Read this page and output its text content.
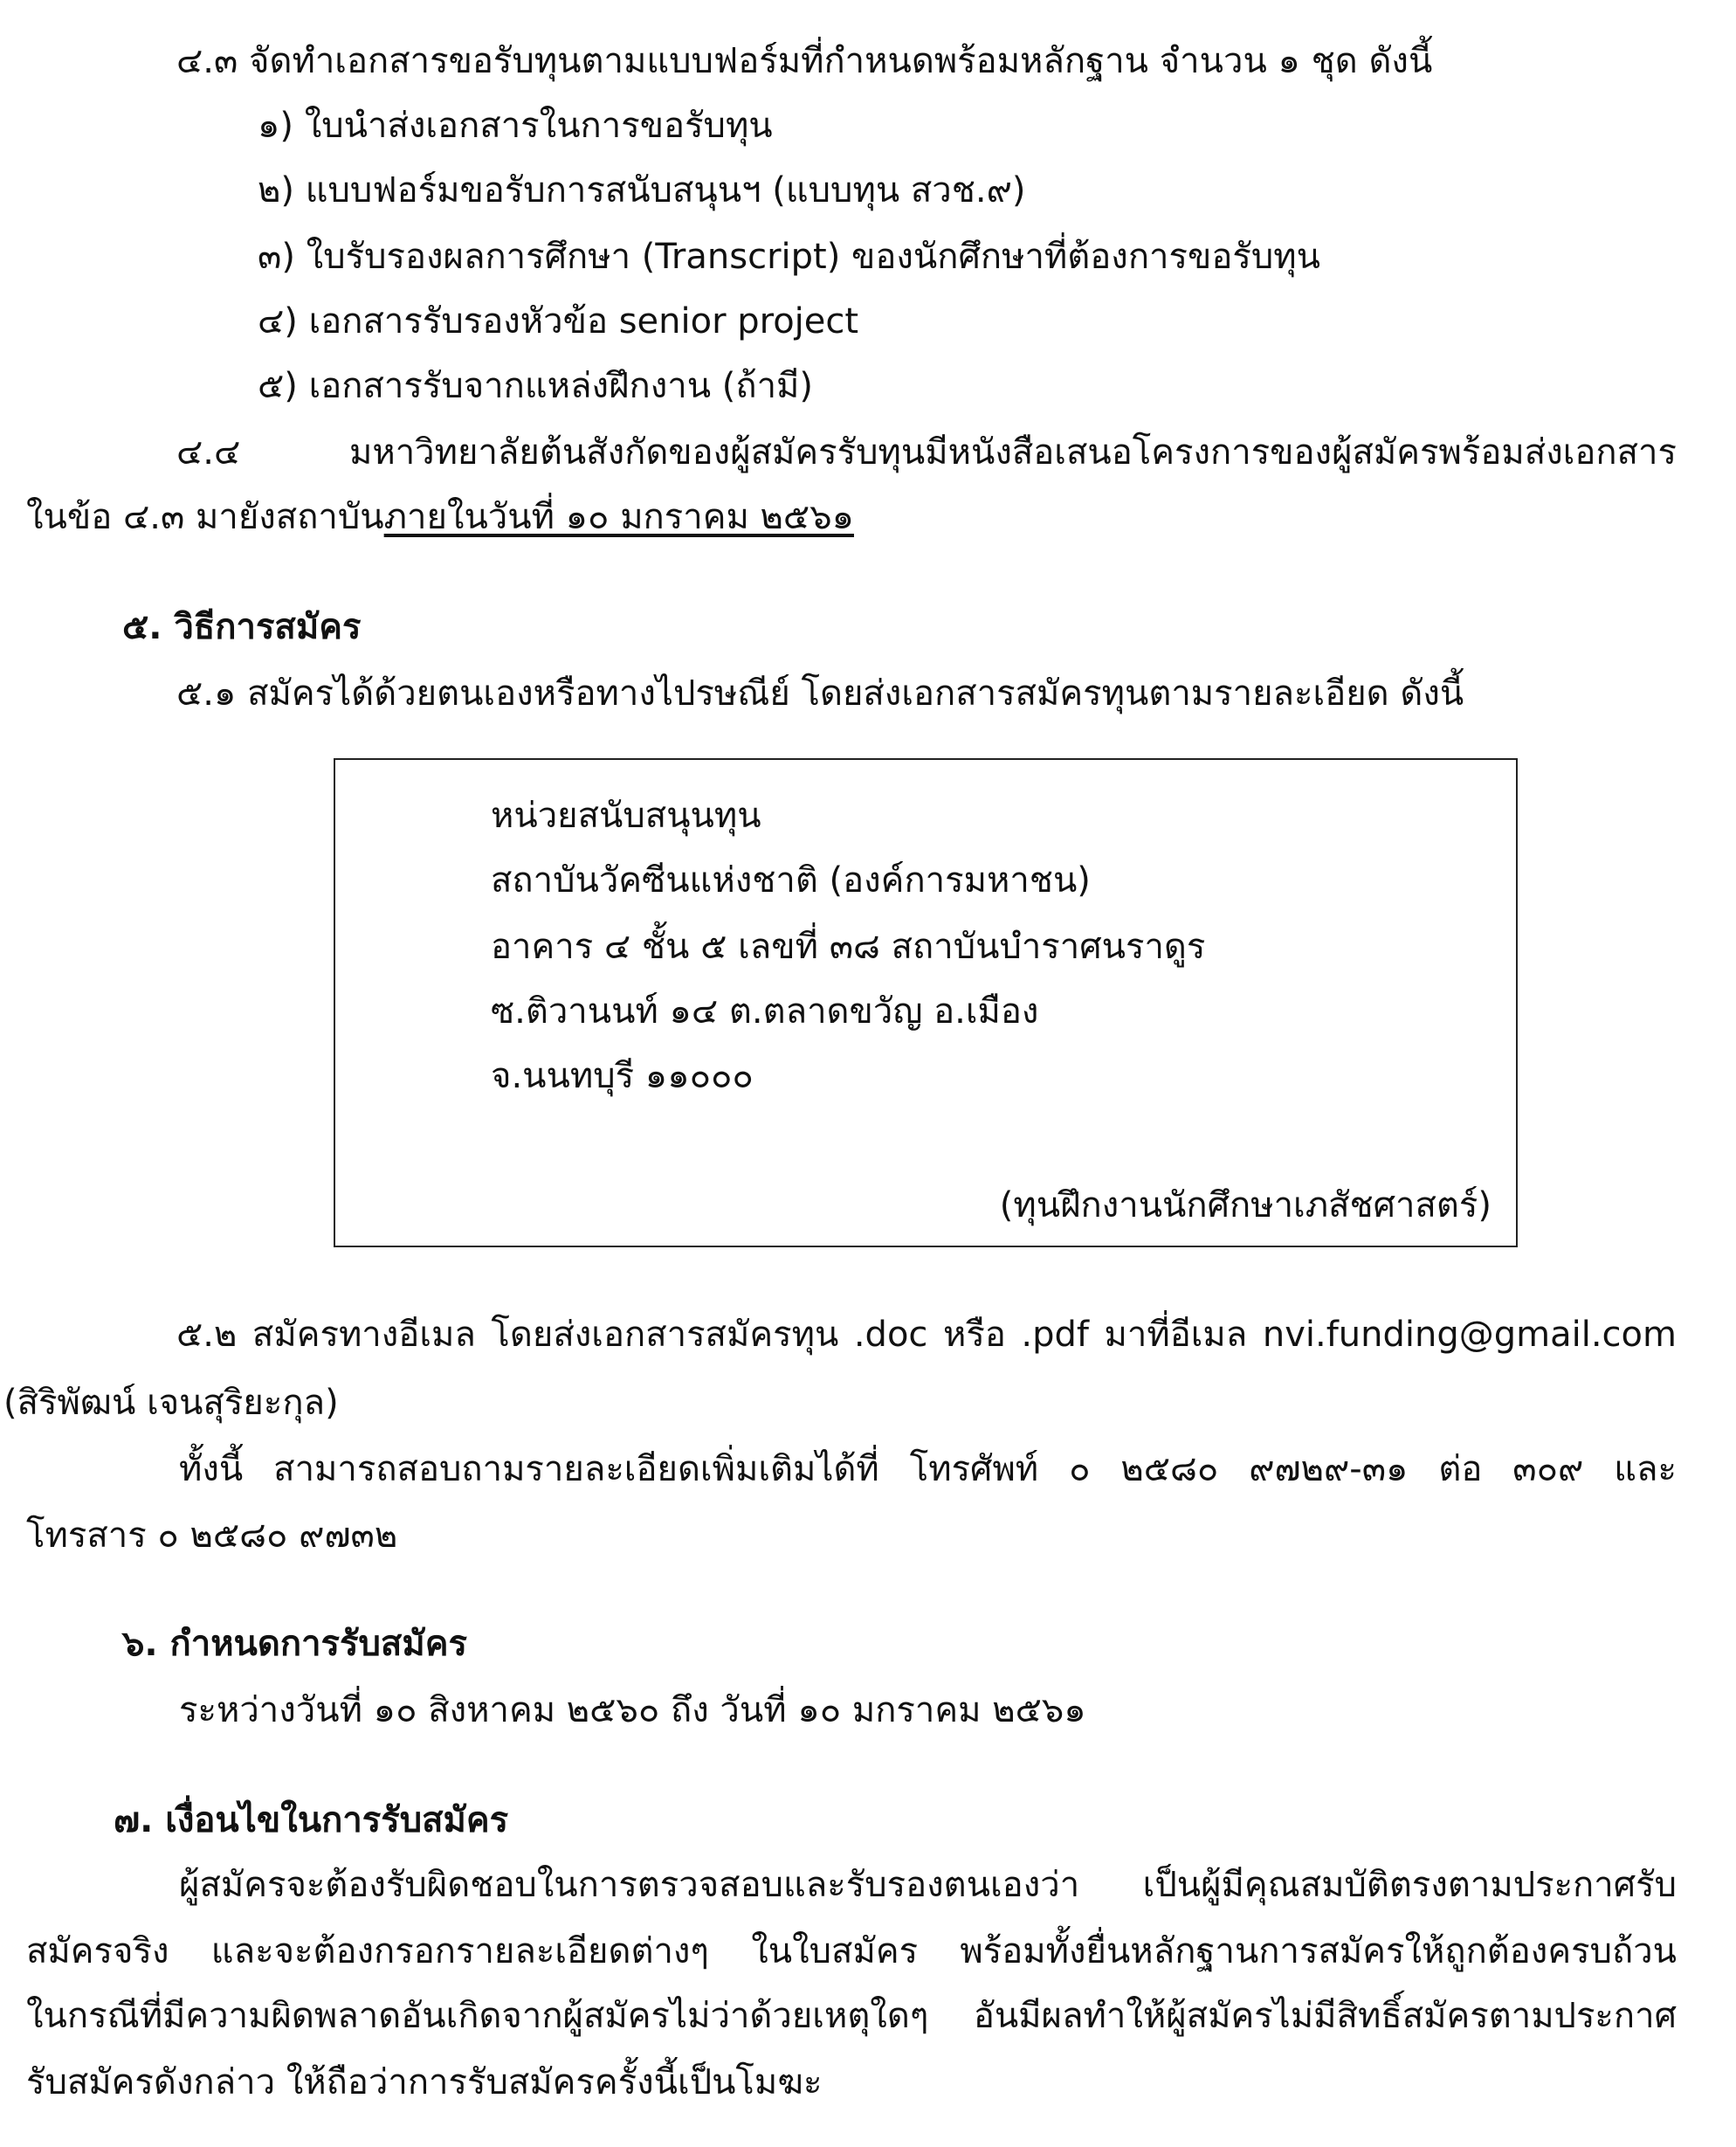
๔.๓ จัดทำเอกสารขอรับทุนตามแบบฟอร์มที่กำหนดพร้อมหลักฐาน จำนวน ๑ ชุด ดังนี้
๑) ใบนำส่งเอกสารในการขอรับทุน
๒) แบบฟอร์มขอรับการสนับสนุนฯ (แบบทุน สวช.๙)
๓) ใบรับรองผลการศึกษา (Transcript) ของนักศึกษาที่ต้องการขอรับทุน
๔) เอกสารรับรองหัวข้อ senior project
๕) เอกสารรับจากแหล่งฝึกงาน (ถ้ามี)
๔.๔ มหาวิทยาลัยต้นสังกัดของผู้สมัครรับทุนมีหนังสือเสนอโครงการของผู้สมัครพร้อมส่งเอกสาร
ในข้อ ๔.๓ มายังสถาบันภายในวันที่ ๑๐ มกราคม ๒๕๖๑
๕. วิธีการสมัคร
๕.๑ สมัครได้ด้วยตนเองหรือทางไปรษณีย์ โดยส่งเอกสารสมัครทุนตามรายละเอียด ดังนี้
หน่วยสนับสนุนทุน
สถาบันวัคซีนแห่งชาติ (องค์การมหาชน)
อาคาร ๔ ชั้น ๕ เลขที่ ๓๘ สถาบันบำราศนราดูร
ซ.ติวานนท์ ๑๔ ต.ตลาดขวัญ อ.เมือง
จ.นนทบุรี ๑๑๐๐๐
(ทุนฝึกงานนักศึกษาเภสัชศาสตร์)
๕.๒ สมัครทางอีเมล โดยส่งเอกสารสมัครทุน .doc หรือ .pdf มาที่อีเมล nvi.funding@gmail.com
(สิริพัฒน์ เจนสุริยะกุล)
ทั้งนี้ สามารถสอบถามรายละเอียดเพิ่มเติมได้ที่ โทรศัพท์ ๐ ๒๕๘๐ ๙๗๒๙-๓๑ ต่อ ๓๐๙ และ
โทรสาร ๐ ๒๕๘๐ ๙๗๓๒
๖. กำหนดการรับสมัคร
ระหว่างวันที่ ๑๐ สิงหาคม ๒๕๖๐ ถึง วันที่ ๑๐ มกราคม ๒๕๖๑
๗. เงื่อนไขในการรับสมัคร
ผู้สมัครจะต้องรับผิดชอบในการตรวจสอบและรับรองตนเองว่า เป็นผู้มีคุณสมบัติตรงตามประกาศรับ
สมัครจริง และจะต้องกรอกรายละเอียดต่างๆ ในใบสมัคร พร้อมทั้งยื่นหลักฐานการสมัครให้ถูกต้องครบถ้วน
ในกรณีที่มีความผิดพลาดอันเกิดจากผู้สมัครไม่ว่าด้วยเหตุใดๆ อันมีผลทำให้ผู้สมัครไม่มีสิทธิ์สมัครตามประกาศ
รับสมัครดังกล่าว ให้ถือว่าการรับสมัครครั้งนี้เป็นโมฆะ
